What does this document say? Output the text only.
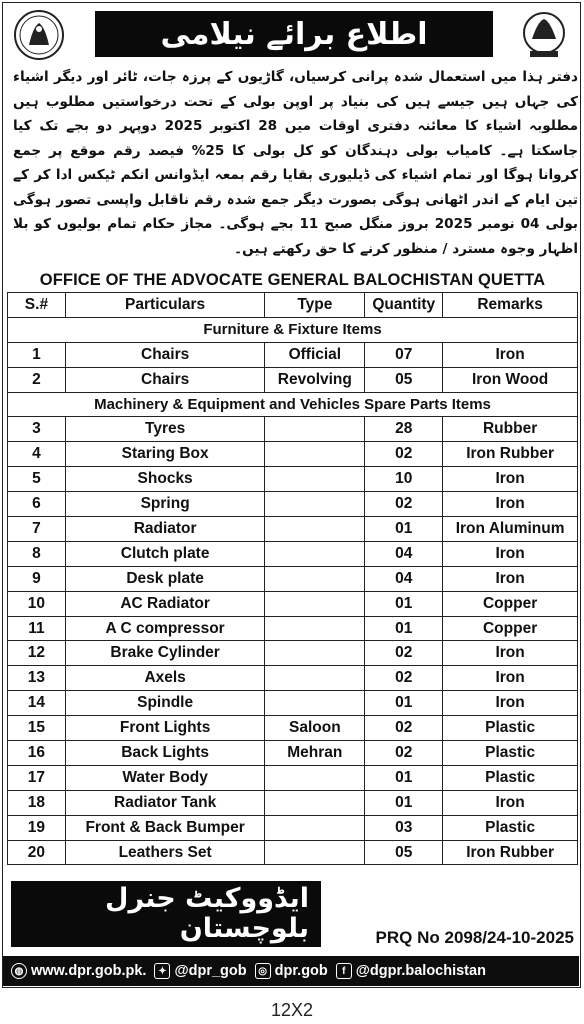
اطلاع برائے نیلامی
دفتر ہذا میں استعمال شدہ پرانی کرسیاں، گاڑیوں کے پرزہ جات، ٹائر اور دیگر اشیاء کی جہاں ہیں جیسے ہیں کی بنیاد پر اوپن بولی کے تحت درخواستیں مطلوب ہیں مطلوبہ اشیاء کا معائنہ دفتری اوقات میں 28 اکتوبر 2025 دوپہر دو بجے تک کیا جاسکتا ہے۔ کامیاب بولی دہندگان کو کل بولی کا 25% فیصد رقم موقع پر جمع کروانا ہوگا اور تمام اشیاء کی ڈیلیوری بقایا رقم بمعہ ایڈوانس انکم ٹیکس ادا کر کے تین ایام کے اندر اٹھانی ہوگی بصورت دیگر جمع شدہ رقم ناقابل واپسی تصور ہوگی بولی 04 نومبر 2025 بروز منگل صبح 11 بجے ہوگی۔ مجاز حکام تمام بولیوں کو بلا اظہار وجوہ مسترد / منظور کرنے کا حق رکھتے ہیں۔
OFFICE OF THE ADVOCATE GENERAL BALOCHISTAN QUETTA
S.#	Particulars	Type	Quantity	Remarks
Furniture & Fixture Items				
1	Chairs	Official	07	Iron
2	Chairs	Revolving	05	Iron Wood
Machinery & Equipment and Vehicles Spare Parts Items				
3	Tyres		28	Rubber
4	Staring Box		02	Iron Rubber
5	Shocks		10	Iron
6	Spring		02	Iron
7	Radiator		01	Iron Aluminum
8	Clutch plate		04	Iron
9	Desk plate		04	Iron
10	AC Radiator		01	Copper
11	A C compressor		01	Copper
12	Brake Cylinder		02	Iron
13	Axels		02	Iron
14	Spindle		01	Iron
15	Front Lights	Saloon	02	Plastic
16	Back Lights	Mehran	02	Plastic
17	Water Body		01	Plastic
18	Radiator Tank		01	Iron
19	Front & Back Bumper		03	Plastic
20	Leathers Set		05	Iron Rubber
ایڈووکیٹ جنرل
بلوچستان	PRQ No 2098/24-10-2025
◍ www.dpr.gob.pk.	✦ @dpr_gob	◎ dpr.gob	f @dgpr.balochistan
12X2
